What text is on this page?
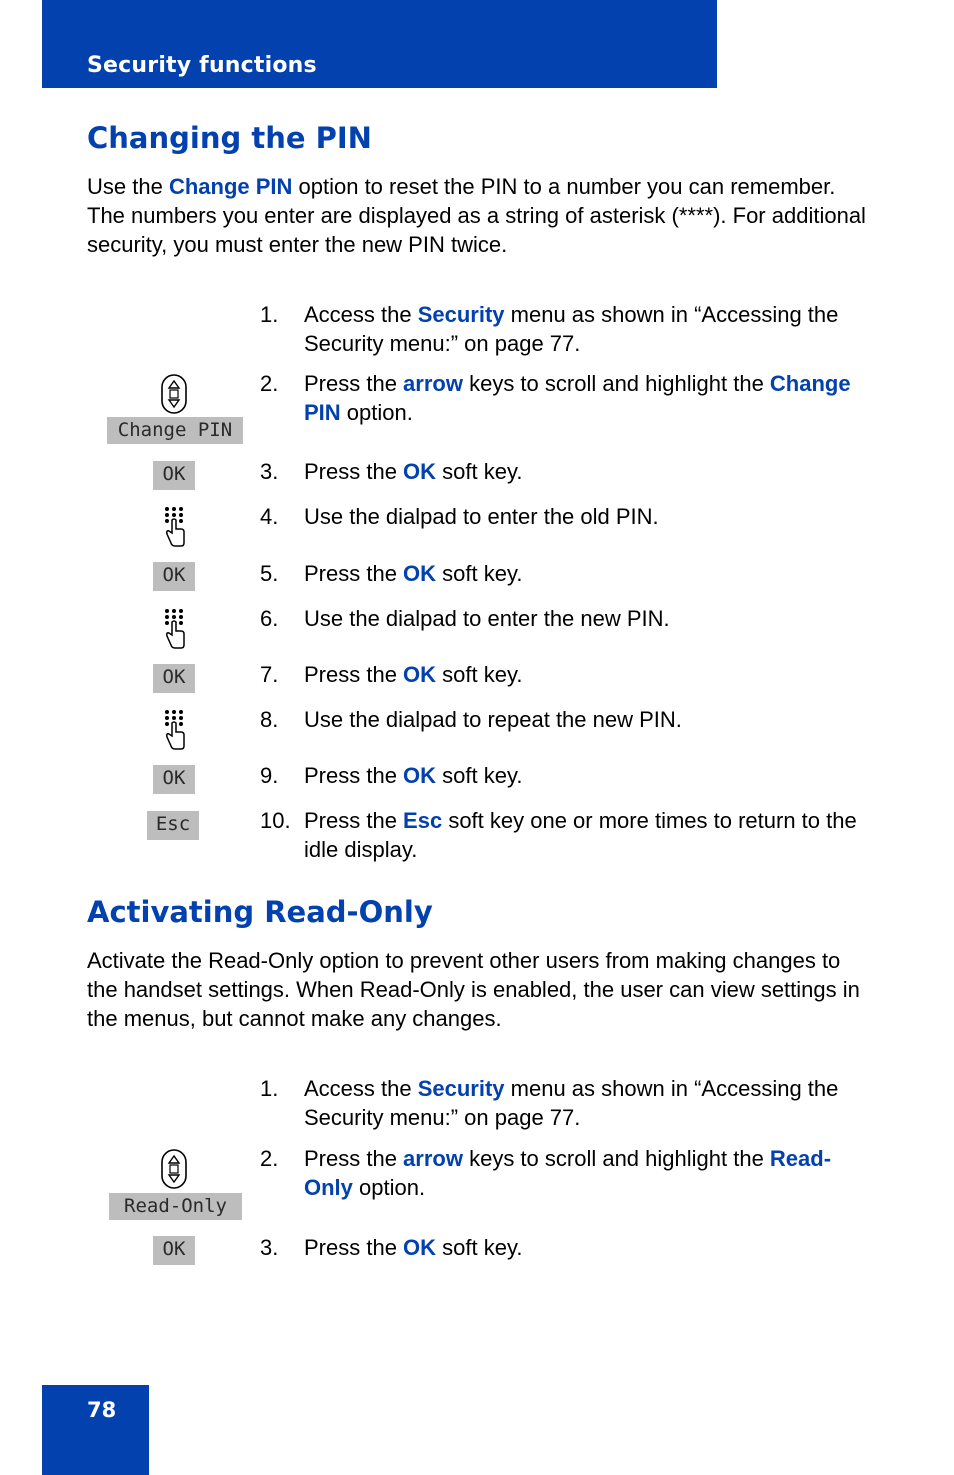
Security functions
Changing the PIN

Use the Change PIN option to reset the PIN to a number you can remember. The numbers you enter are displayed as a string of asterisk (****). For additional security, you must enter the new PIN twice.

1. Access the Security menu as shown in “Accessing the Security menu:” on page 77.
Change PIN
2. Press the arrow keys to scroll and highlight the Change PIN option.
OK	3. Press the OK soft key.
4. Use the dialpad to enter the old PIN.
OK	5. Press the OK soft key.
6. Use the dialpad to enter the new PIN.
OK	7. Press the OK soft key.
8. Use the dialpad to repeat the new PIN.
OK	9. Press the OK soft key.
Esc	10. Press the Esc soft key one or more times to return to the idle display.
Activating Read-Only

Activate the Read-Only option to prevent other users from making changes to the handset settings. When Read-Only is enabled, the user can view settings in the menus, but cannot make any changes.

1. Access the Security menu as shown in “Accessing the Security menu:” on page 77.
Read-Only
2. Press the arrow keys to scroll and highlight the Read-Only option.
OK	3. Press the OK soft key.
78
